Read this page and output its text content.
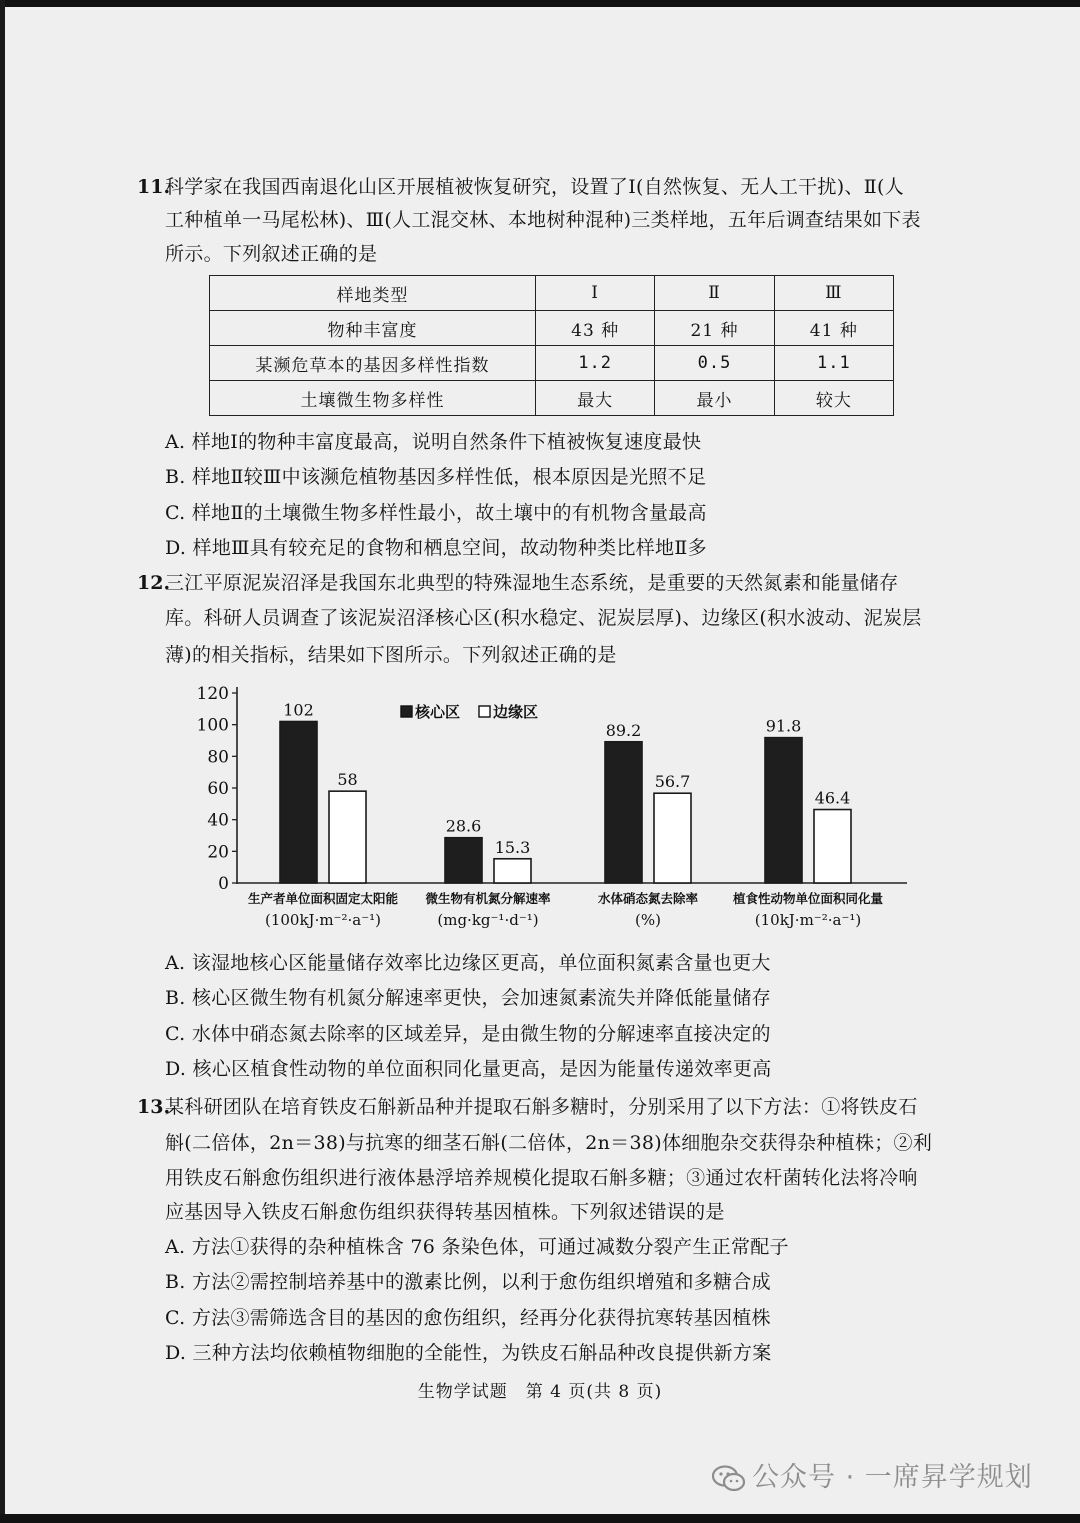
11.
科学家在我国西南退化山区开展植被恢复研究，设置了Ⅰ(自然恢复、无人工干扰)、Ⅱ(人
工种植单一马尾松林)、Ⅲ(人工混交林、本地树种混种)三类样地，五年后调查结果如下表
所示。下列叙述正确的是
样地类型	Ⅰ	Ⅱ	Ⅲ
物种丰富度	43 种	21 种	41 种
某濒危草本的基因多样性指数	1.2	0.5	1.1
土壤微生物多样性	最大	最小	较大
A. 样地Ⅰ的物种丰富度最高，说明自然条件下植被恢复速度最快
B. 样地Ⅱ较Ⅲ中该濒危植物基因多样性低，根本原因是光照不足
C. 样地Ⅱ的土壤微生物多样性最小，故土壤中的有机物含量最高
D. 样地Ⅲ具有较充足的食物和栖息空间，故动物种类比样地Ⅱ多
12.
三江平原泥炭沼泽是我国东北典型的特殊湿地生态系统，是重要的天然氮素和能量储存
库。科研人员调查了该泥炭沼泽核心区(积水稳定、泥炭层厚)、边缘区(积水波动、泥炭层
薄)的相关指标，结果如下图所示。下列叙述正确的是
0
20
40
60
80
100
120
102
58
生产者单位面积固定太阳能
(100kJ·m⁻²·a⁻¹)
28.6
15.3
微生物有机氮分解速率
(mg·kg⁻¹·d⁻¹)
89.2
56.7
水体硝态氮去除率
(%)
91.8
46.4
植食性动物单位面积同化量
(10kJ·m⁻²·a⁻¹)
核心区 边缘区
A. 该湿地核心区能量储存效率比边缘区更高，单位面积氮素含量也更大
B. 核心区微生物有机氮分解速率更快，会加速氮素流失并降低能量储存
C. 水体中硝态氮去除率的区域差异，是由微生物的分解速率直接决定的
D. 核心区植食性动物的单位面积同化量更高，是因为能量传递效率更高
13.
某科研团队在培育铁皮石斛新品种并提取石斛多糖时，分别采用了以下方法：①将铁皮石
斛(二倍体，2n＝38)与抗寒的细茎石斛(二倍体，2n＝38)体细胞杂交获得杂种植株；②利
用铁皮石斛愈伤组织进行液体悬浮培养规模化提取石斛多糖；③通过农杆菌转化法将冷响
应基因导入铁皮石斛愈伤组织获得转基因植株。下列叙述错误的是
A. 方法①获得的杂种植株含 76 条染色体，可通过减数分裂产生正常配子
B. 方法②需控制培养基中的激素比例，以利于愈伤组织增殖和多糖合成
C. 方法③需筛选含目的基因的愈伤组织，经再分化获得抗寒转基因植株
D. 三种方法均依赖植物细胞的全能性，为铁皮石斛品种改良提供新方案
生物学试题　第 4 页(共 8 页)
公众号 · 一席昇学规划
